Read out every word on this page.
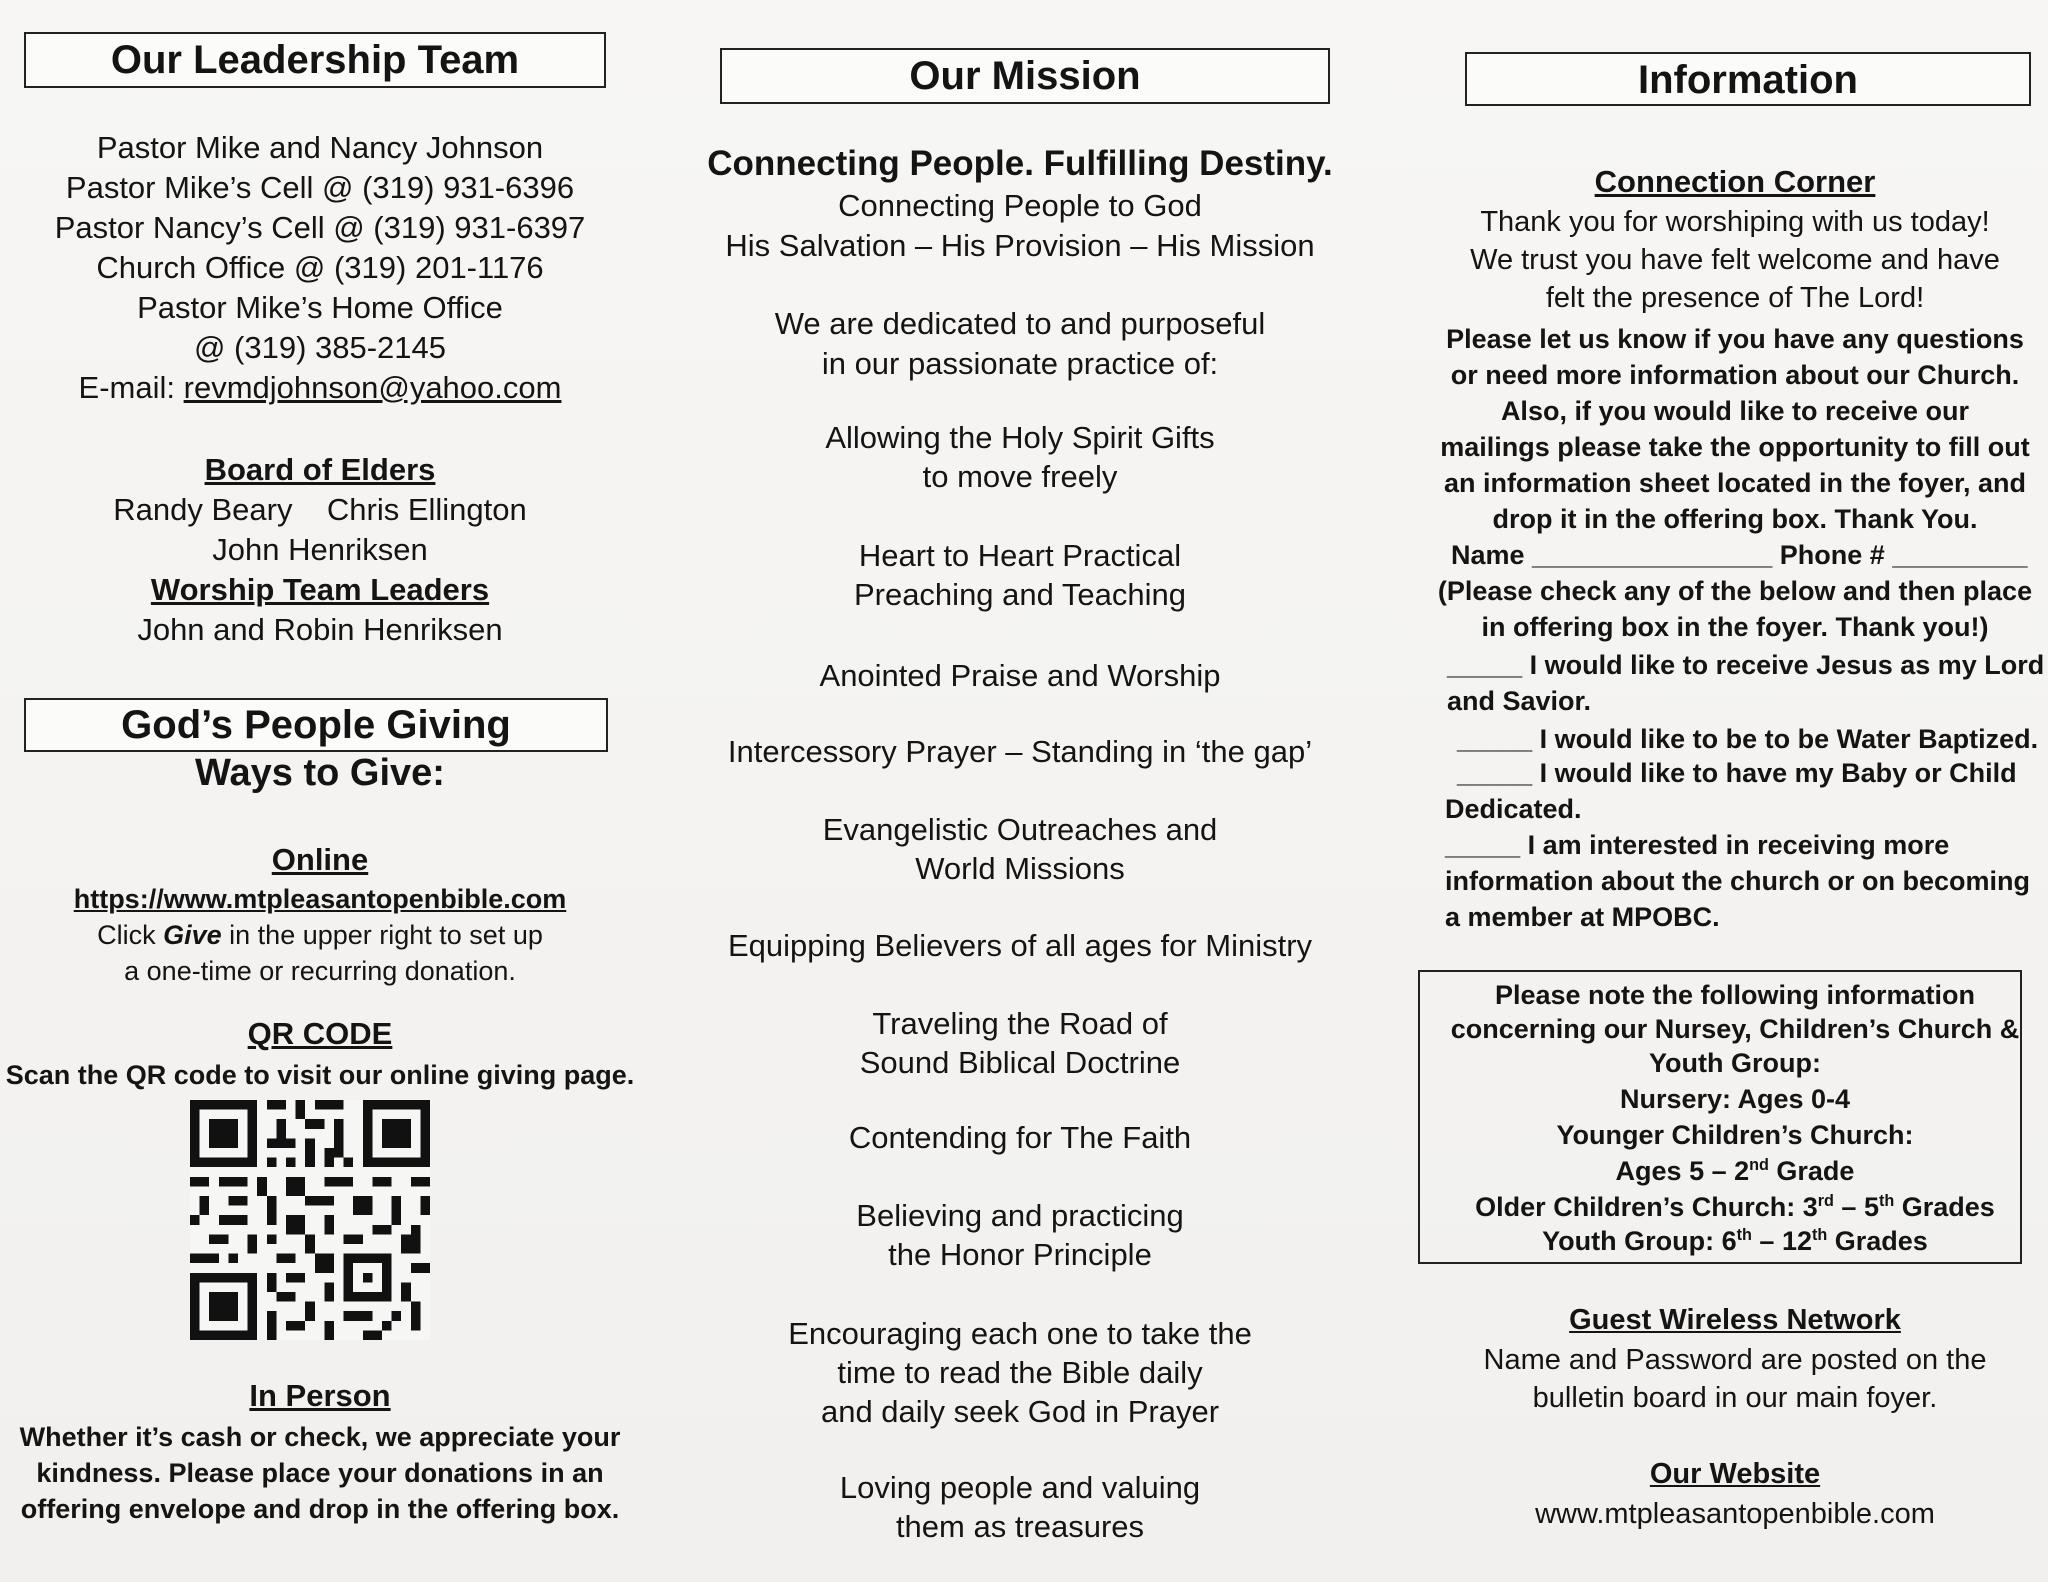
Our Leadership Team
Pastor Mike and Nancy Johnson
Pastor Mike’s Cell @ (319) 931-6396
Pastor Nancy’s Cell @ (319) 931-6397
Church Office @ (319) 201-1176
Pastor Mike’s Home Office
@ (319) 385-2145
E-mail: revmdjohnson@yahoo.com
Board of Elders
Randy Beary    Chris Ellington
John Henriksen
Worship Team Leaders
John and Robin Henriksen
God’s People Giving
Ways to Give:
Online
https://www.mtpleasantopenbible.com
Click Give in the upper right to set up
a one-time or recurring donation.
QR CODE
Scan the QR code to visit our online giving page.
In Person
Whether it’s cash or check, we appreciate your
kindness. Please place your donations in an
offering envelope and drop in the offering box.
Our Mission
Connecting People. Fulfilling Destiny.
Connecting People to God
His Salvation – His Provision – His Mission
We are dedicated to and purposeful
in our passionate practice of:
Allowing the Holy Spirit Gifts
to move freely
Heart to Heart Practical
Preaching and Teaching
Anointed Praise and Worship
Intercessory Prayer – Standing in ‘the gap’
Evangelistic Outreaches and
World Missions
Equipping Believers of all ages for Ministry
Traveling the Road of
Sound Biblical Doctrine
Contending for The Faith
Believing and practicing
the Honor Principle
Encouraging each one to take the
time to read the Bible daily
and daily seek God in Prayer
Loving people and valuing
them as treasures
Information
Connection Corner
Thank you for worshiping with us today!
We trust you have felt welcome and have
felt the presence of The Lord!
Please let us know if you have any questions
or need more information about our Church.
Also, if you would like to receive our
mailings please take the opportunity to fill out
an information sheet located in the foyer, and
drop it in the offering box. Thank You.
Name ________________ Phone # _________
(Please check any of the below and then place
in offering box in the foyer. Thank you!)
_____ I would like to receive Jesus as my Lord
and Savior.
_____ I would like to be to be Water Baptized.
_____ I would like to have my Baby or Child
Dedicated.
_____ I am interested in receiving more
information about the church or on becoming
a member at MPOBC.
Please note the following information
concerning our Nursey, Children’s Church &
Youth Group:
Nursery: Ages 0-4
Younger Children’s Church:
Ages 5 – 2nd Grade
Older Children’s Church: 3rd – 5th Grades
Youth Group: 6th – 12th Grades
Guest Wireless Network
Name and Password are posted on the
bulletin board in our main foyer.
Our Website
www.mtpleasantopenbible.com
